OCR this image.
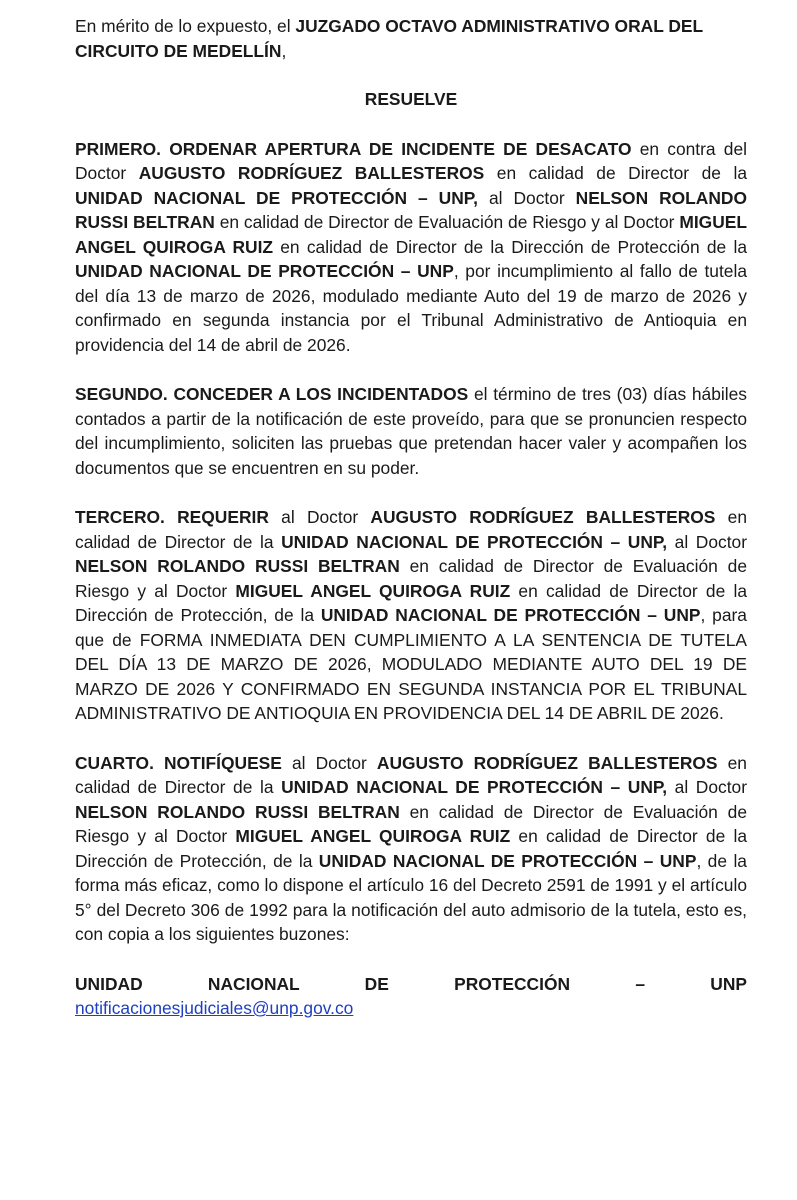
En mérito de lo expuesto, el JUZGADO OCTAVO ADMINISTRATIVO ORAL DEL CIRCUITO DE MEDELLÍN,

RESUELVE

PRIMERO. ORDENAR APERTURA DE INCIDENTE DE DESACATO en contra del Doctor AUGUSTO RODRÍGUEZ BALLESTEROS en calidad de Director de la UNIDAD NACIONAL DE PROTECCIÓN – UNP, al Doctor NELSON ROLANDO RUSSI BELTRAN en calidad de Director de Evaluación de Riesgo y al Doctor MIGUEL ANGEL QUIROGA RUIZ en calidad de Director de la Dirección de Protección de la UNIDAD NACIONAL DE PROTECCIÓN – UNP, por incumplimiento al fallo de tutela del día 13 de marzo de 2026, modulado mediante Auto del 19 de marzo de 2026 y confirmado en segunda instancia por el Tribunal Administrativo de Antioquia en providencia del 14 de abril de 2026.

SEGUNDO. CONCEDER A LOS INCIDENTADOS el término de tres (03) días hábiles contados a partir de la notificación de este proveído, para que se pronuncien respecto del incumplimiento, soliciten las pruebas que pretendan hacer valer y acompañen los documentos que se encuentren en su poder.

TERCERO. REQUERIR al Doctor AUGUSTO RODRÍGUEZ BALLESTEROS en calidad de Director de la UNIDAD NACIONAL DE PROTECCIÓN – UNP, al Doctor NELSON ROLANDO RUSSI BELTRAN en calidad de Director de Evaluación de Riesgo y al Doctor MIGUEL ANGEL QUIROGA RUIZ en calidad de Director de la Dirección de Protección, de la UNIDAD NACIONAL DE PROTECCIÓN – UNP, para que de FORMA INMEDIATA DEN CUMPLIMIENTO A LA SENTENCIA DE TUTELA DEL DÍA 13 DE MARZO DE 2026, MODULADO MEDIANTE AUTO DEL 19 DE MARZO DE 2026 Y CONFIRMADO EN SEGUNDA INSTANCIA POR EL TRIBUNAL ADMINISTRATIVO DE ANTIOQUIA EN PROVIDENCIA DEL 14 DE ABRIL DE 2026.

CUARTO. NOTIFÍQUESE al Doctor AUGUSTO RODRÍGUEZ BALLESTEROS en calidad de Director de la UNIDAD NACIONAL DE PROTECCIÓN – UNP, al Doctor NELSON ROLANDO RUSSI BELTRAN en calidad de Director de Evaluación de Riesgo y al Doctor MIGUEL ANGEL QUIROGA RUIZ en calidad de Director de la Dirección de Protección, de la UNIDAD NACIONAL DE PROTECCIÓN – UNP, de la forma más eficaz, como lo dispone el artículo 16 del Decreto 2591 de 1991 y el artículo 5° del Decreto 306 de 1992 para la notificación del auto admisorio de la tutela, esto es, con copia a los siguientes buzones:

UNIDAD NACIONAL DE PROTECCIÓN – UNP

notificacionesjudiciales@unp.gov.co
